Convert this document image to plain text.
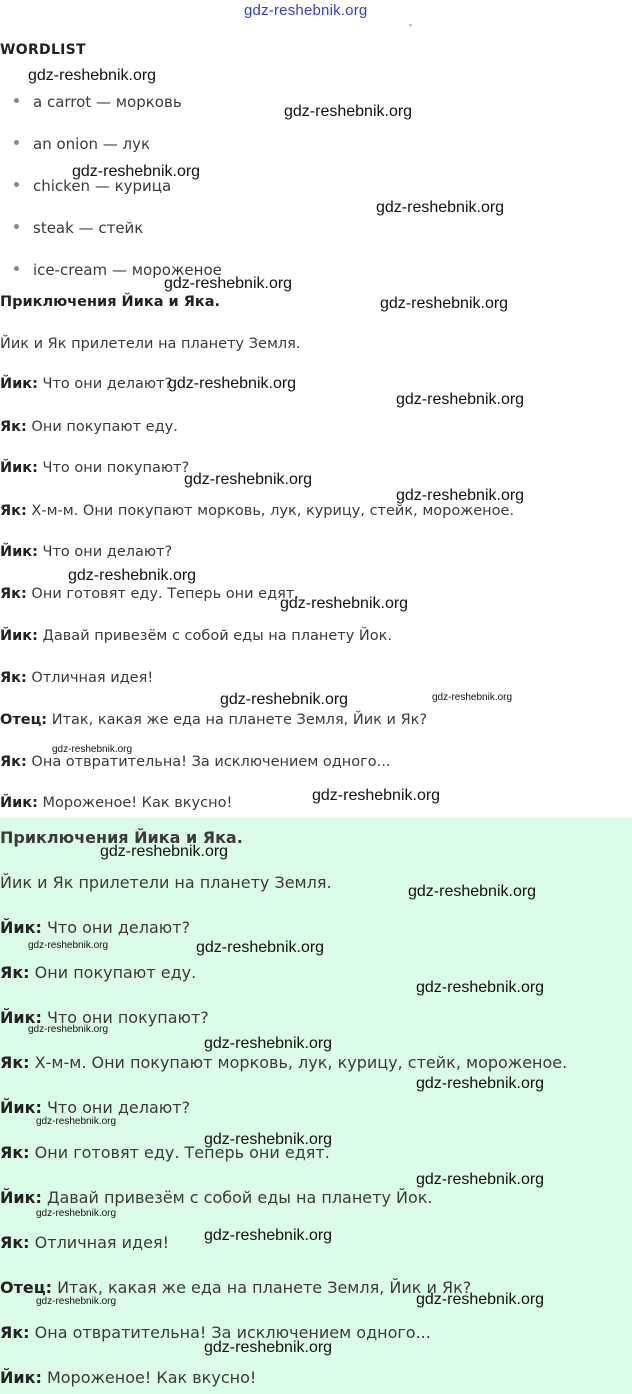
gdz-reshebnik.org
ˇ
WORDLIST
a carrot — морковь
an onion — лук
chicken — курица
steak — стейк
ice-cream — мороженое
Приключения Йика и Яка.
Йик и Як прилетели на планету Земля.
Йик: Что они делают?
Як: Они покупают еду.
Йик: Что они покупают?
Як: Х-м-м. Они покупают морковь, лук, курицу, стейк, мороженое.
Йик: Что они делают?
Як: Они готовят еду. Теперь они едят.
Йик: Давай привезём с собой еды на планету Йок.
Як: Отличная идея!
Отец: Итак, какая же еда на планете Земля, Йик и Як?
Як: Она отвратительна! За исключением одного...
Йик: Мороженое! Как вкусно!
Приключения Йика и Яка.
Йик и Як прилетели на планету Земля.
Йик: Что они делают?
Як: Они покупают еду.
Йик: Что они покупают?
Як: Х-м-м. Они покупают морковь, лук, курицу, стейк, мороженое.
Йик: Что они делают?
Як: Они готовят еду. Теперь они едят.
Йик: Давай привезём с собой еды на планету Йок.
Як: Отличная идея!
Отец: Итак, какая же еда на планете Земля, Йик и Як?
Як: Она отвратительна! За исключением одного...
Йик: Мороженое! Как вкусно!
gdz-reshebnik.org
gdz-reshebnik.org
gdz-reshebnik.org
gdz-reshebnik.org
gdz-reshebnik.org
gdz-reshebnik.org
gdz-reshebnik.org
gdz-reshebnik.org
gdz-reshebnik.org
gdz-reshebnik.org
gdz-reshebnik.org
gdz-reshebnik.org
gdz-reshebnik.org	gdz-reshebnik.org
gdz-reshebnik.org
gdz-reshebnik.org
gdz-reshebnik.org
gdz-reshebnik.org
gdz-reshebnik.org	gdz-reshebnik.org
gdz-reshebnik.org
gdz-reshebnik.org
gdz-reshebnik.org
gdz-reshebnik.org
gdz-reshebnik.org
gdz-reshebnik.org
gdz-reshebnik.org
gdz-reshebnik.org
gdz-reshebnik.org
gdz-reshebnik.org	gdz-reshebnik.org
gdz-reshebnik.org
